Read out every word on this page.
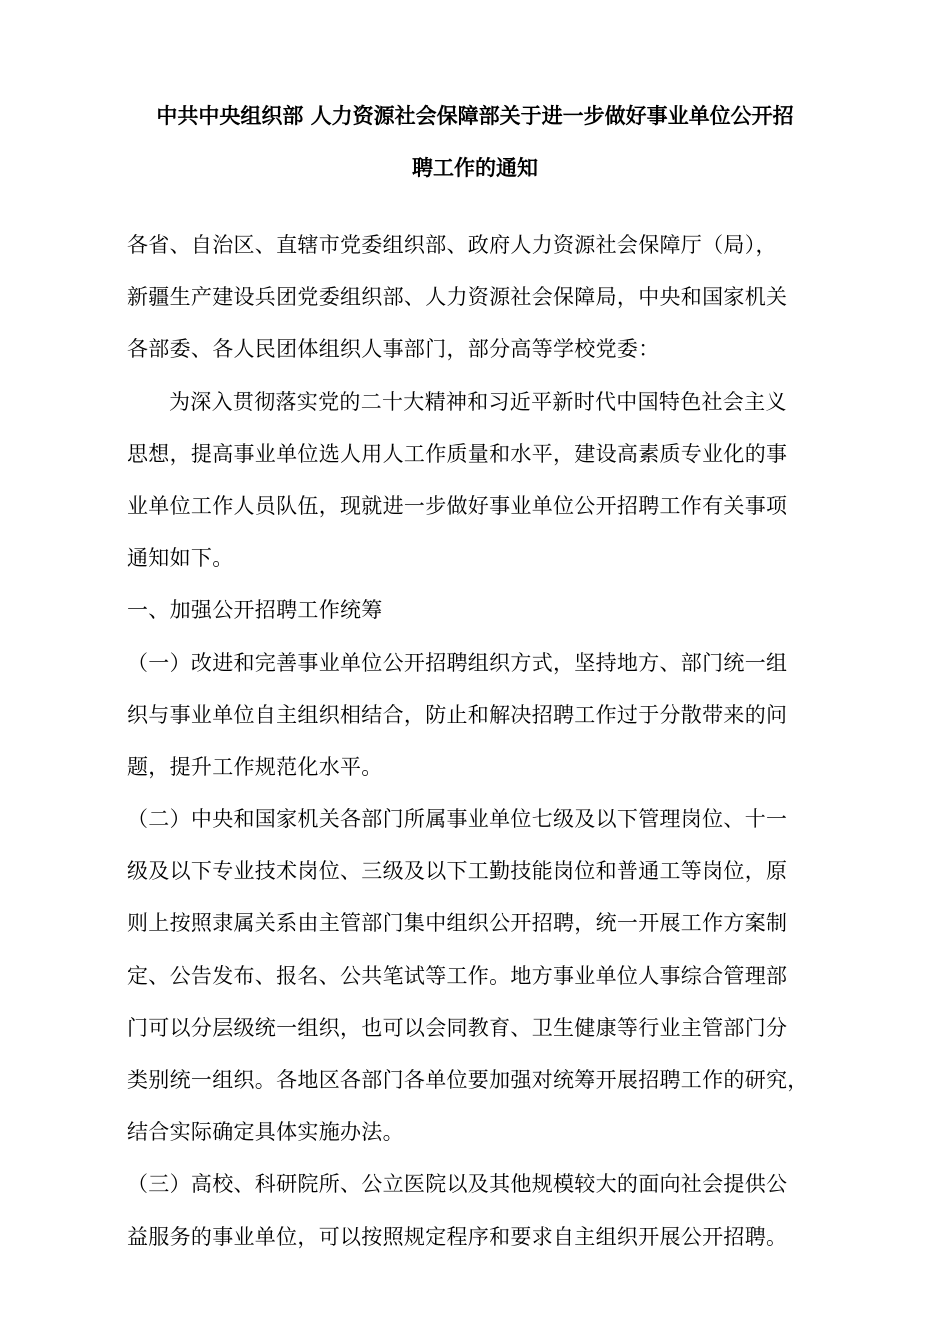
中共中央组织部 人力资源社会保障部关于进一步做好事业单位公开招
聘工作的通知
各省、自治区、直辖市党委组织部、政府人力资源社会保障厅（局），
新疆生产建设兵团党委组织部、人力资源社会保障局，中央和国家机关
各部委、各人民团体组织人事部门，部分高等学校党委：
为深入贯彻落实党的二十大精神和习近平新时代中国特色社会主义
思想，提高事业单位选人用人工作质量和水平，建设高素质专业化的事
业单位工作人员队伍，现就进一步做好事业单位公开招聘工作有关事项
通知如下。
一、加强公开招聘工作统筹
（一）改进和完善事业单位公开招聘组织方式，坚持地方、部门统一组
织与事业单位自主组织相结合，防止和解决招聘工作过于分散带来的问
题，提升工作规范化水平。
（二）中央和国家机关各部门所属事业单位七级及以下管理岗位、十一
级及以下专业技术岗位、三级及以下工勤技能岗位和普通工等岗位，原
则上按照隶属关系由主管部门集中组织公开招聘，统一开展工作方案制
定、公告发布、报名、公共笔试等工作。地方事业单位人事综合管理部
门可以分层级统一组织，也可以会同教育、卫生健康等行业主管部门分
类别统一组织。各地区各部门各单位要加强对统筹开展招聘工作的研究，
结合实际确定具体实施办法。
（三）高校、科研院所、公立医院以及其他规模较大的面向社会提供公
益服务的事业单位，可以按照规定程序和要求自主组织开展公开招聘。
